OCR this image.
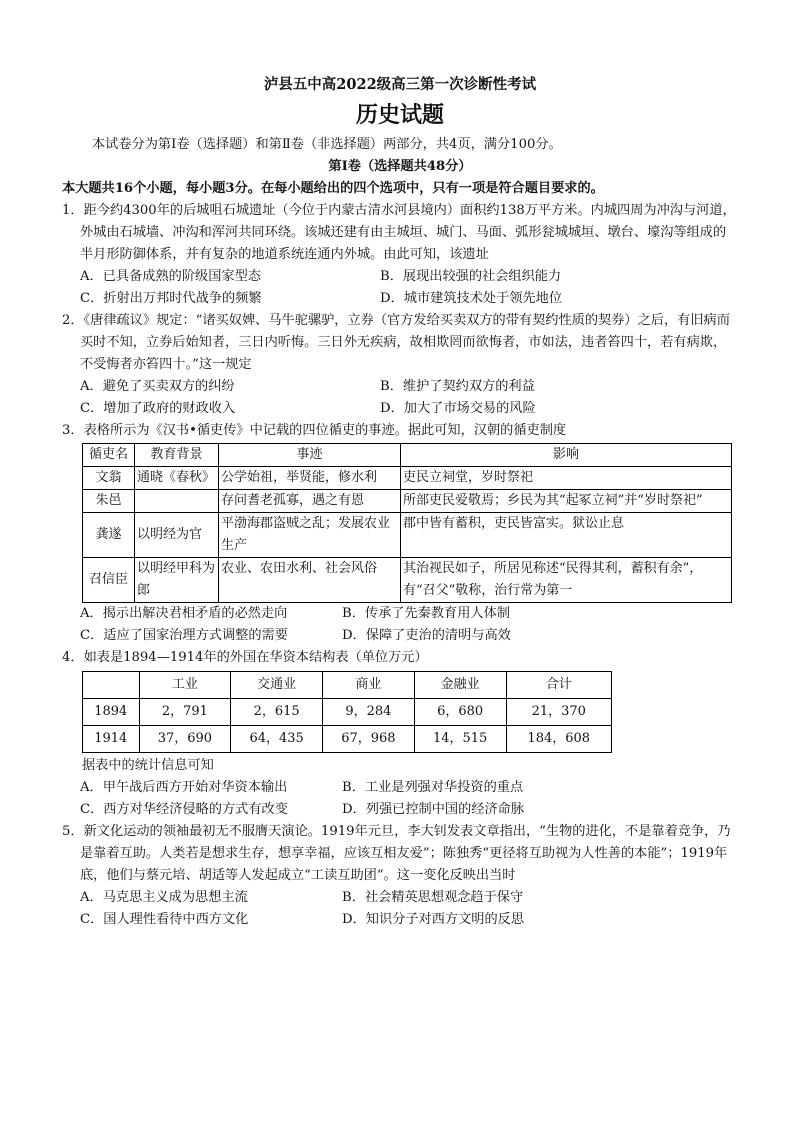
泸县五中高2022级高三第一次诊断性考试

历史试题

本试卷分为第Ⅰ卷（选择题）和第Ⅱ卷（非选择题）两部分，共4页，满分100分。

第Ⅰ卷（选择题共48分）

本大题共16个小题，每小题3分。在每小题给出的四个选项中，只有一项是符合题目要求的。

1．距今约4300年的后城咀石城遗址（今位于内蒙古清水河县境内）面积约138万平方米。内城四周为冲沟与河道，外城由石城墙、冲沟和浑河共同环绕。该城还建有由主城垣、城门、马面、弧形瓮城城垣、墩台、壕沟等组成的半月形防御体系，并有复杂的地道系统连通内外城。由此可知，该遗址
A．已具备成熟的阶级国家型态	B．展现出较强的社会组织能力
C．折射出万邦时代战争的频繁	D．城市建筑技术处于领先地位
2．《唐律疏议》规定：“诸买奴婢、马牛驼骡驴，立券（官方发给买卖双方的带有契约性质的契券）之后，有旧病而买时不知，立券后始知者，三日内听悔。三日外无疾病，故相欺罔而欲悔者，市如法，违者笞四十，若有病欺，不受悔者亦笞四十。”这一规定
A．避免了买卖双方的纠纷	B．维护了契约双方的利益
C．增加了政府的财政收入	D．加大了市场交易的风险
3．表格所示为《汉书•循吏传》中记载的四位循吏的事迹。据此可知，汉朝的循吏制度
循吏名	教育背景	事迹	影响
文翁	通晓《春秋》	公学始祖，举贤能，修水利	吏民立祠堂，岁时祭祀
朱邑		存问耆老孤寡，遇之有恩	所部吏民爱敬焉；乡民为其“起冢立祠”并“岁时祭祀”
龚遂	以明经为官	平渤海郡盗贼之乱；发展农业生产	郡中皆有蓄积，吏民皆富实。狱讼止息
召信臣	以明经甲科为郎	农业、农田水利、社会风俗	其治视民如子，所居见称述“民得其利，蓄积有余”，有“召父”敬称，治行常为第一
A．揭示出解决君相矛盾的必然走向	B．传承了先秦教育用人体制
C．适应了国家治理方式调整的需要	D．保障了吏治的清明与高效
4．如表是1894—1914年的外国在华资本结构表（单位万元）
	工业	交通业	商业	金融业	合计
1894	2，791	2，615	9，284	6，680	21，370
1914	37，690	64，435	67，968	14，515	184，608
据表中的统计信息可知
A．甲午战后西方开始对华资本输出	B．工业是列强对华投资的重点
C．西方对华经济侵略的方式有改变	D．列强已控制中国的经济命脉
5．新文化运动的领袖最初无不服膺天演论。1919年元旦，李大钊发表文章指出，“生物的进化，不是靠着竞争，乃是靠着互助。人类若是想求生存，想享幸福，应该互相友爱”；陈独秀“更径将互助视为人性善的本能”；1919年底，他们与蔡元培、胡适等人发起成立“工读互助团”。这一变化反映出当时
A．马克思主义成为思想主流	B．社会精英思想观念趋于保守
C．国人理性看待中西方文化	D．知识分子对西方文明的反思
